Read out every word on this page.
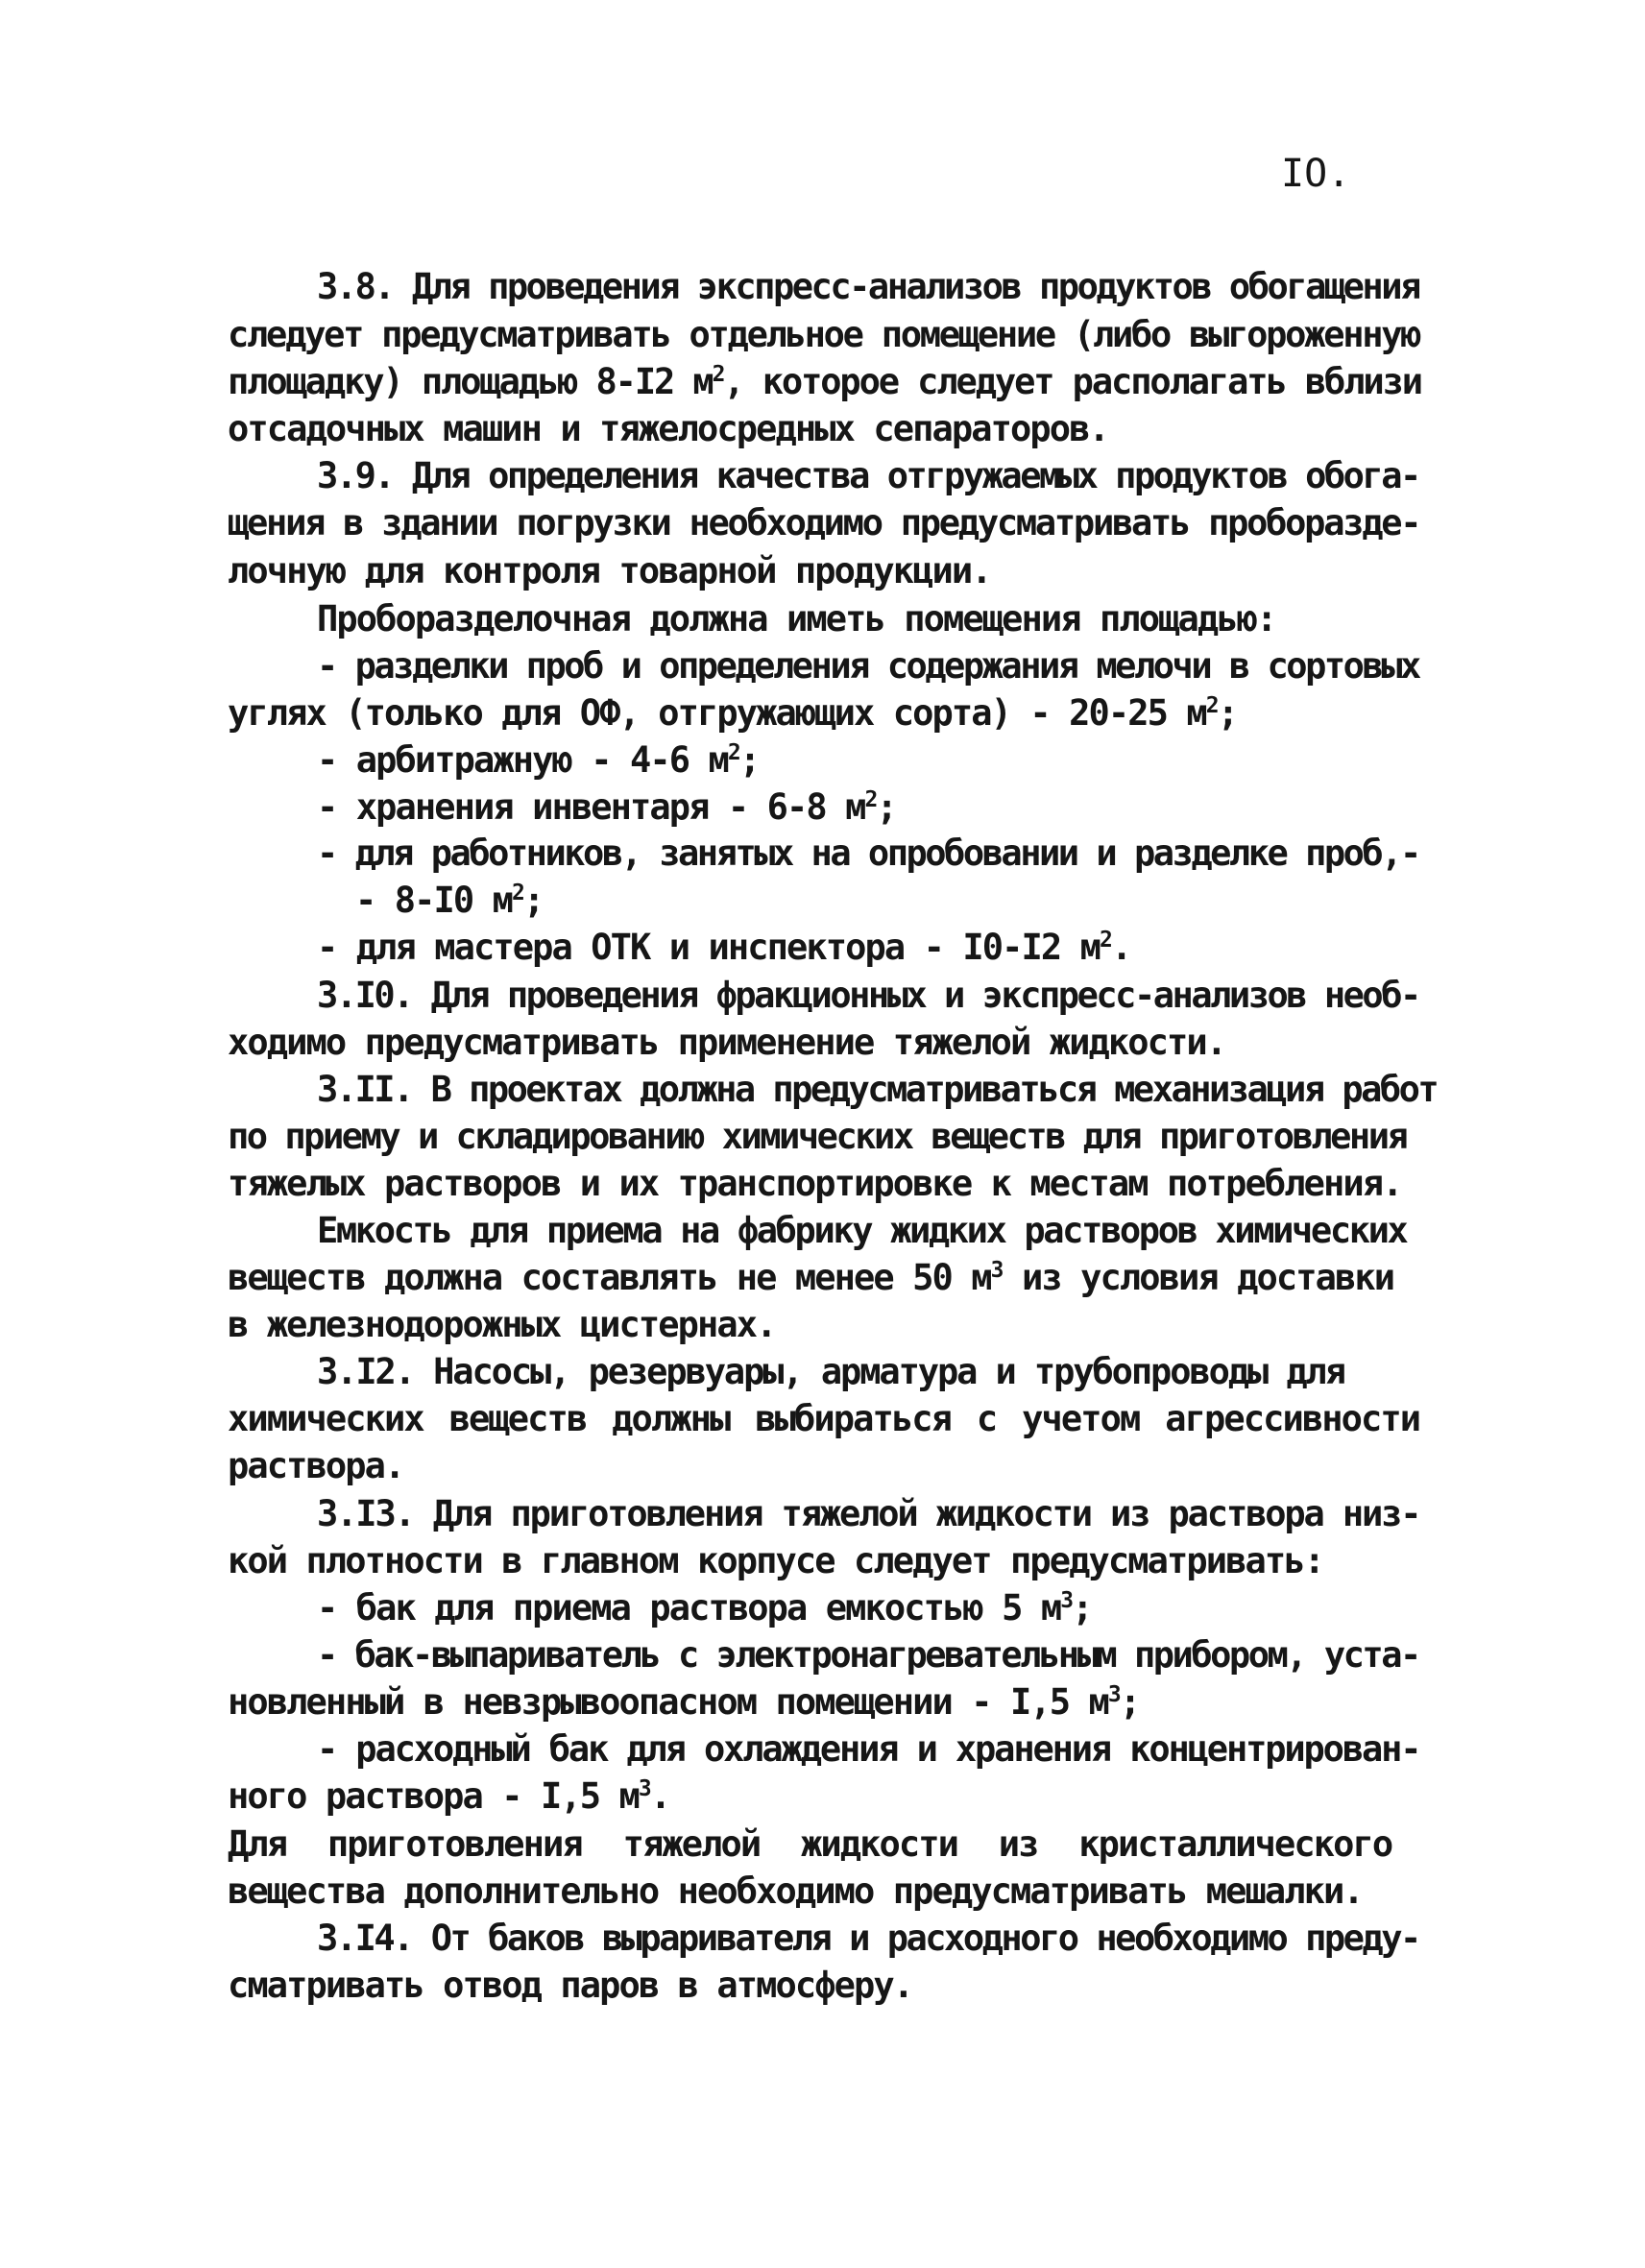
IO.
3.8. Для проведения экспресс-анализов продуктов обогащения
следует предусматривать отдельное помещение (либо выгороженную
площадку) площадью 8-I2 $м^2$, которое следует располагать вблизи
отсадочных машин и тяжелосредных сепараторов.
3.9. Для определения качества отгружаемых продуктов обога-
щения в здании погрузки необходимо предусматривать пробоpазде-
лочную для контроля товарной продукции.
Пробоpазделочная должна иметь помещения площадью:
- разделки проб и определения содержания мелочи в сортовых
углях (только для ОФ, отгружающих сорта) - 20-25 $м^2$;
- арбитражную - 4-6 $м^2$;
- хранения инвентаря - 6-8 $м^2$;
- для работников, занятых на опробовании и разделке проб,-
- 8-I0 $м^2$;
- для мастера ОТК и инспектора - I0-I2 $м^2$.
3.I0. Для проведения фракционных и экспресс-анализов необ-
ходимо предусматривать применение тяжелой жидкости.
3.II. В проектах должна предусматриваться механизация работ
по приему и складированию химических веществ для приготовления
тяжелых растворов и их транспортировке к местам потребления.
Емкость для приема на фабрику жидких растворов химических
веществ должна составлять не менее 50 $м^3$ из условия доставки
в железнодорожных цистернах.
3.I2. Насосы, резервуары, арматура и трубопроводы для
химических веществ должны выбираться с учетом агрессивности
раствора.
3.I3. Для приготовления тяжелой жидкости из раствора низ-
кой плотности в главном корпусе следует предусматривать:
- бак для приема раствора емкостью 5 $м^3$;
- бак-выпариватель с электронагревательным прибором, уста-
новленный в невзрывоопасном помещении - I,5 $м^3$;
- расходный бак для охлаждения и хранения концентрирован-
ного раствора - I,5 $м^3$.
Для приготовления тяжелой жидкости из кристаллического
вещества дополнительно необходимо предусматривать мешалки.
3.I4. От баков выраривателя и расходного необходимо преду-
сматривать отвод паров в атмосферу.
